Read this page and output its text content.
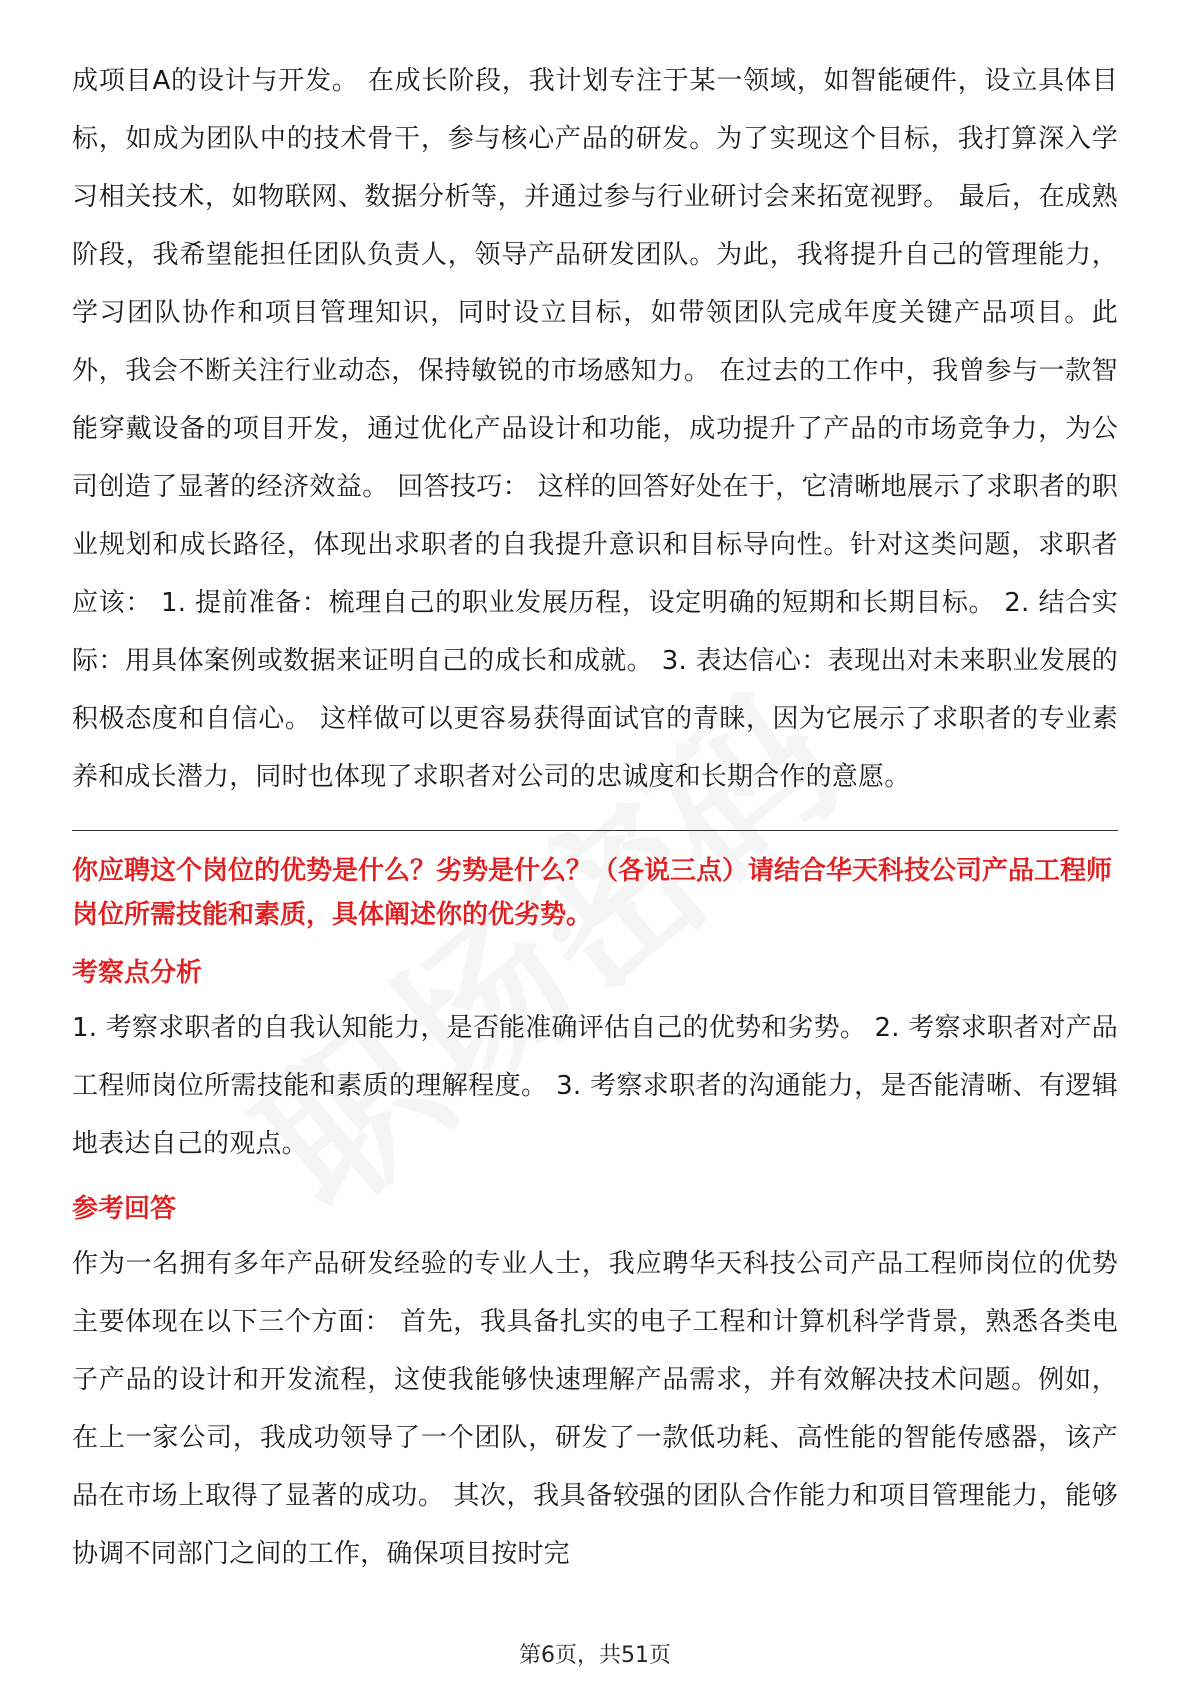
成项目A的设计与开发。 在成长阶段，我计划专注于某一领域，如智能硬件，设立具体目标，如成为团队中的技术骨干，参与核心产品的研发。为了实现这个目标，我打算深入学习相关技术，如物联网、数据分析等，并通过参与行业研讨会来拓宽视野。 最后，在成熟阶段，我希望能担任团队负责人，领导产品研发团队。为此，我将提升自己的管理能力，学习团队协作和项目管理知识，同时设立目标，如带领团队完成年度关键产品项目。此外，我会不断关注行业动态，保持敏锐的市场感知力。 在过去的工作中，我曾参与一款智能穿戴设备的项目开发，通过优化产品设计和功能，成功提升了产品的市场竞争力，为公司创造了显著的经济效益。 回答技巧： 这样的回答好处在于，它清晰地展示了求职者的职业规划和成长路径，体现出求职者的自我提升意识和目标导向性。针对这类问题，求职者应该： 1. 提前准备：梳理自己的职业发展历程，设定明确的短期和长期目标。 2. 结合实际：用具体案例或数据来证明自己的成长和成就。 3. 表达信心：表现出对未来职业发展的积极态度和自信心。 这样做可以更容易获得面试官的青睐，因为它展示了求职者的专业素养和成长潜力，同时也体现了求职者对公司的忠诚度和长期合作的意愿。

你应聘这个岗位的优势是什么？劣势是什么？（各说三点）请结合华天科技公司产品工程师岗位所需技能和素质，具体阐述你的优劣势。

考察点分析

1. 考察求职者的自我认知能力，是否能准确评估自己的优势和劣势。 2. 考察求职者对产品工程师岗位所需技能和素质的理解程度。 3. 考察求职者的沟通能力，是否能清晰、有逻辑地表达自己的观点。

参考回答

作为一名拥有多年产品研发经验的专业人士，我应聘华天科技公司产品工程师岗位的优势主要体现在以下三个方面： 首先，我具备扎实的电子工程和计算机科学背景，熟悉各类电子产品的设计和开发流程，这使我能够快速理解产品需求，并有效解决技术问题。例如，在上一家公司，我成功领导了一个团队，研发了一款低功耗、高性能的智能传感器，该产品在市场上取得了显著的成功。 其次，我具备较强的团队合作能力和项目管理能力，能够协调不同部门之间的工作，确保项目按时完

第6页，共51页
